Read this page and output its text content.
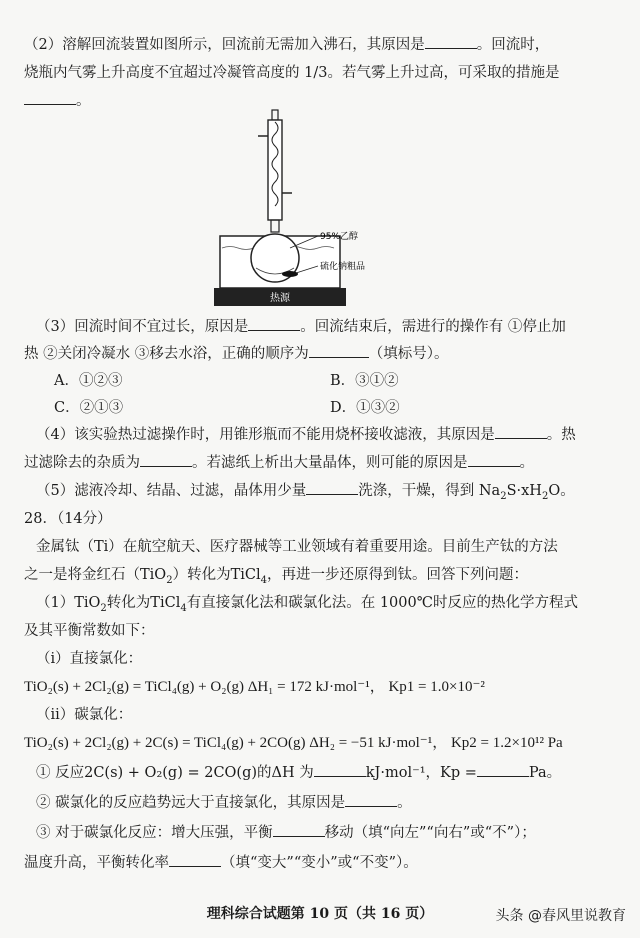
（2）溶解回流装置如图所示，回流前无需加入沸石，其原因是	。回流时，
烧瓶内气雾上升高度不宜超过冷凝管高度的 1/3。若气雾上升过高，可采取的措施是
。
95%乙醇
硫化钠粗品
热源
（3）回流时间不宜过长，原因是	。回流结束后，需进行的操作有 ①停止加
热 ②关闭冷凝水 ③移去水浴，正确的顺序为	（填标号）。
A．①②③	B．③①②
C．②①③	D．①③②
（4）该实验热过滤操作时，用锥形瓶而不能用烧杯接收滤液，其原因是	。热
过滤除去的杂质为	。若滤纸上析出大量晶体，则可能的原因是	。
（5）滤液冷却、结晶、过滤，晶体用少量	洗涤，干燥，得到 $Na_2S\cdot xH_2O$。
28．（14分）
金属钛（Ti）在航空航天、医疗器械等工业领域有着重要用途。目前生产钛的方法
之一是将金红石（TiO$_2$）转化为TiCl$_4$，再进一步还原得到钛。回答下列问题：
（1）TiO$_2$转化为TiCl$_4$有直接氯化法和碳氯化法。在 1000℃时反应的热化学方程式
及其平衡常数如下：
（i）直接氯化：
TiO₂(s) + 2Cl₂(g) = TiCl₄(g) + O₂(g) ΔH₁ = 172 kJ·mol⁻¹， Kp1 = 1.0×10⁻²
（ii）碳氯化：
TiO₂(s) + 2Cl₂(g) + 2C(s) = TiCl₄(g) + 2CO(g) ΔH₂ = −51 kJ·mol⁻¹， Kp2 = 1.2×10¹² Pa
① 反应2C(s) + O₂(g) = 2CO(g)的ΔH 为	kJ·mol⁻¹，Kp =	Pa。
② 碳氯化的反应趋势远大于直接氯化，其原因是	。
③ 对于碳氯化反应：增大压强，平衡	移动（填“向左”“向右”或“不”）；
温度升高，平衡转化率	（填“变大”“变小”或“不变”）。
理科综合试题第 10 页（共 16 页）	头条 @春风里说教育
